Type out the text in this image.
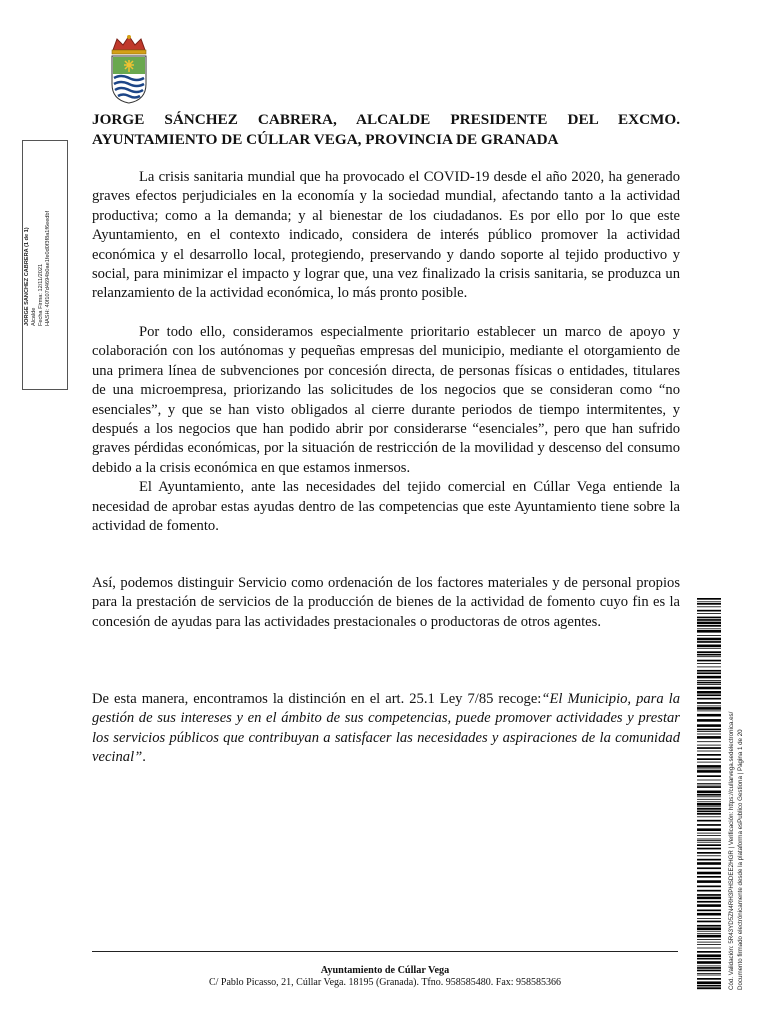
JORGE SÁNCHEZ CABRERA, ALCALDE PRESIDENTE DEL EXCMO.
AYUNTAMIENTO DE CÚLLAR VEGA, PROVINCIA DE GRANADA
JORGE SANCHEZ CABRERA (1 de 1) Alcalde Fecha Firma: 12/11/2021 HASH: 40f107d4694b0ae1fe0d0f3f8a1f6eedbf

La crisis sanitaria mundial que ha provocado el COVID-19 desde el año 2020, ha generado graves efectos perjudiciales en la economía y la sociedad mundial, afectando tanto a la actividad productiva; como a la demanda; y al bienestar de los ciudadanos. Es por ello por lo que este Ayuntamiento, en el contexto indicado, considera de interés público promover la actividad económica y el desarrollo local, protegiendo, preservando y dando soporte al tejido productivo y social, para minimizar el impacto y lograr que, una vez finalizado la crisis sanitaria, se produzca un relanzamiento de la actividad económica, lo más pronto posible.

Por todo ello, consideramos especialmente prioritario establecer un marco de apoyo y colaboración con los autónomas y pequeñas empresas del municipio, mediante el otorgamiento de una primera línea de subvenciones por concesión directa, de personas físicas o entidades, titulares de una microempresa, priorizando las solicitudes de los negocios que se consideran como “no esenciales”, y que se han visto obligados al cierre durante periodos de tiempo intermitentes, y después a los negocios que han podido abrir por considerarse “esenciales”, pero que han sufrido graves pérdidas económicas, por la situación de restricción de la movilidad y descenso del consumo debido a la crisis económica en que estamos inmersos.

El Ayuntamiento, ante las necesidades del tejido comercial en Cúllar Vega entiende la necesidad de aprobar estas ayudas dentro de las competencias que este Ayuntamiento tiene sobre la actividad de fomento.

Así, podemos distinguir Servicio como ordenación de los factores materiales y de personal propios para la prestación de servicios de la producción de bienes de la actividad de fomento cuyo fin es la concesión de ayudas para las actividades prestacionales o productoras de otros agentes.

De esta manera, encontramos la distinción en el art. 25.1 Ley 7/85 recoge:“El Municipio, para la gestión de sus intereses y en el ámbito de sus competencias, puede promover actividades y prestar los servicios públicos que contribuyan a satisfacer las necesidades y aspiraciones de la comunidad vecinal”.	Cód. Validación: 5R43YD5ZN4RH3PHSDEE2HGR | Verificación: https://cullarvega.sedelectronica.es/ Documento firmado electrónicamente desde la plataforma esPublico Gestiona | Página 1 de 20
Ayuntamiento de Cúllar Vega
C/ Pablo Picasso, 21, Cúllar Vega. 18195 (Granada). Tfno. 958585480. Fax: 958585366
